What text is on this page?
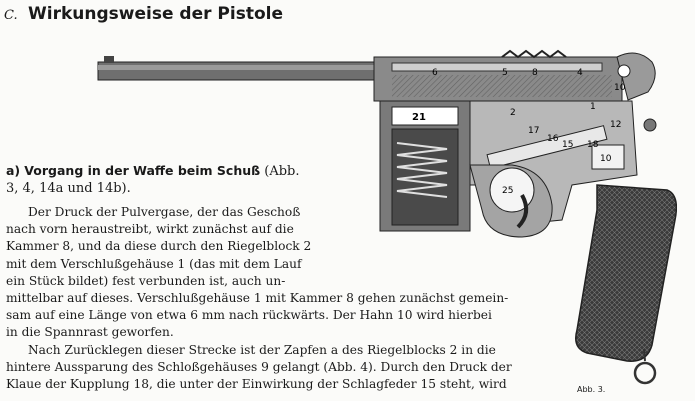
C. Wirkungsweise der Pistole
1
2
4
5
6	8
10
10
12
15
16
17
18
21
25
a) Vorgang in der Waffe beim Schuß (Abb. 3, 4, 14a und 14b).
Der Druck der Pulvergase, der das Geschoß
nach vorn heraustreibt, wirkt zunächst auf die
Kammer 8, und da diese durch den Riegelblock 2
mit dem Verschlußgehäuse 1 (das mit dem Lauf
ein Stück bildet) fest verbunden ist, auch un-
mittelbar auf dieses. Verschlußgehäuse 1 mit Kammer 8 gehen zunächst gemein-
sam auf eine Länge von etwa 6 mm nach rückwärts. Der Hahn 10 wird hierbei
in die Spannrast geworfen.
Nach Zurücklegen dieser Strecke ist der Zapfen a des Riegelblocks 2 in die
hintere Aussparung des Schloßgehäuses 9 gelangt (Abb. 4). Durch den Druck der
Klaue der Kupplung 18, die unter der Einwirkung der Schlagfeder 15 steht, wird	Abb. 3.
